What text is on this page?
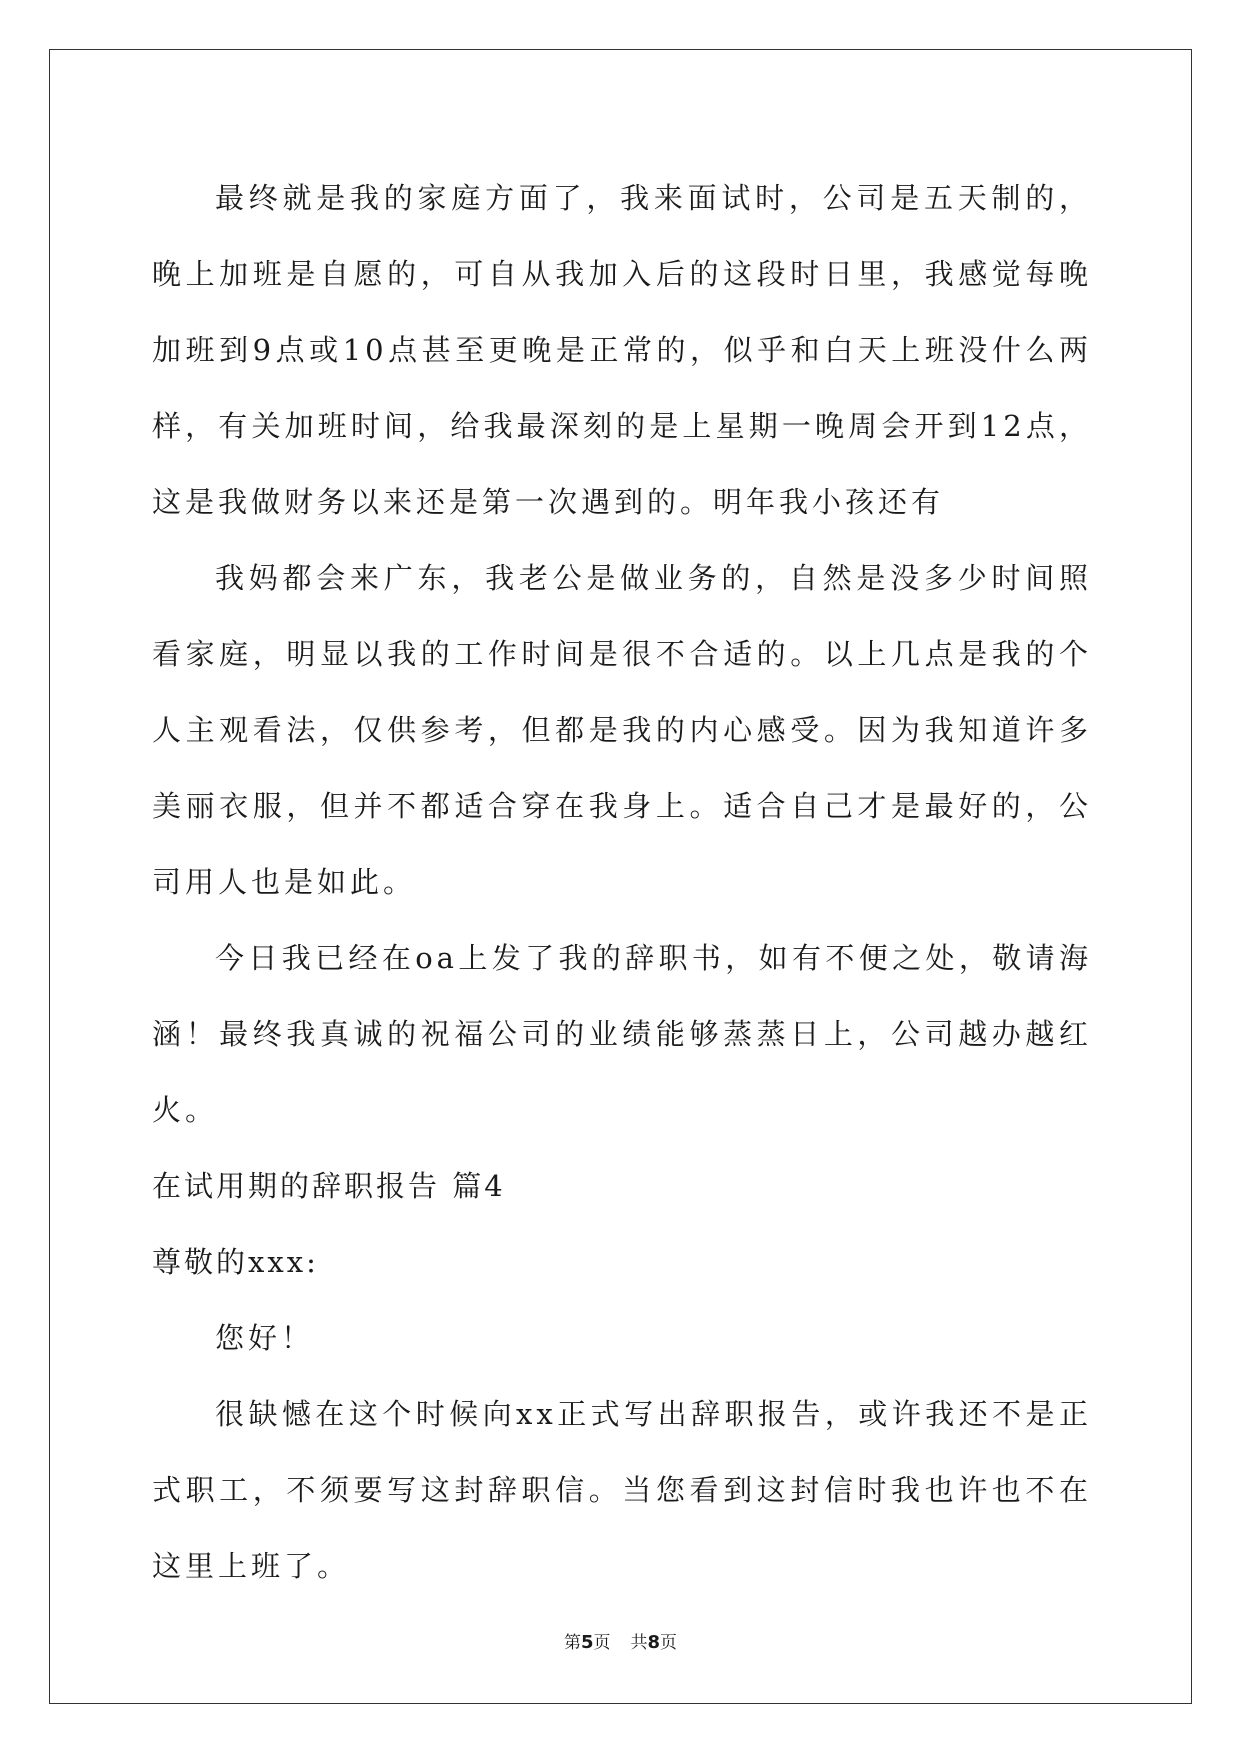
最终就是我的家庭方面了，我来面试时，公司是五天制的，晚上加班是自愿的，可自从我加入后的这段时日里，我感觉每晚加班到9点或10点甚至更晚是正常的，似乎和白天上班没什么两样，有关加班时间，给我最深刻的是上星期一晚周会开到12点，这是我做财务以来还是第一次遇到的。明年我小孩还有

我妈都会来广东，我老公是做业务的，自然是没多少时间照看家庭，明显以我的工作时间是很不合适的。以上几点是我的个人主观看法，仅供参考，但都是我的内心感受。因为我知道许多美丽衣服，但并不都适合穿在我身上。适合自己才是最好的，公司用人也是如此。

今日我已经在oa上发了我的辞职书，如有不便之处，敬请海涵！最终我真诚的祝福公司的业绩能够蒸蒸日上，公司越办越红火。

在试用期的辞职报告 篇4

尊敬的xxx:

您好！

很缺憾在这个时候向xx正式写出辞职报告，或许我还不是正式职工，不须要写这封辞职信。当您看到这封信时我也许也不在这里上班了。

第5页 共8页
